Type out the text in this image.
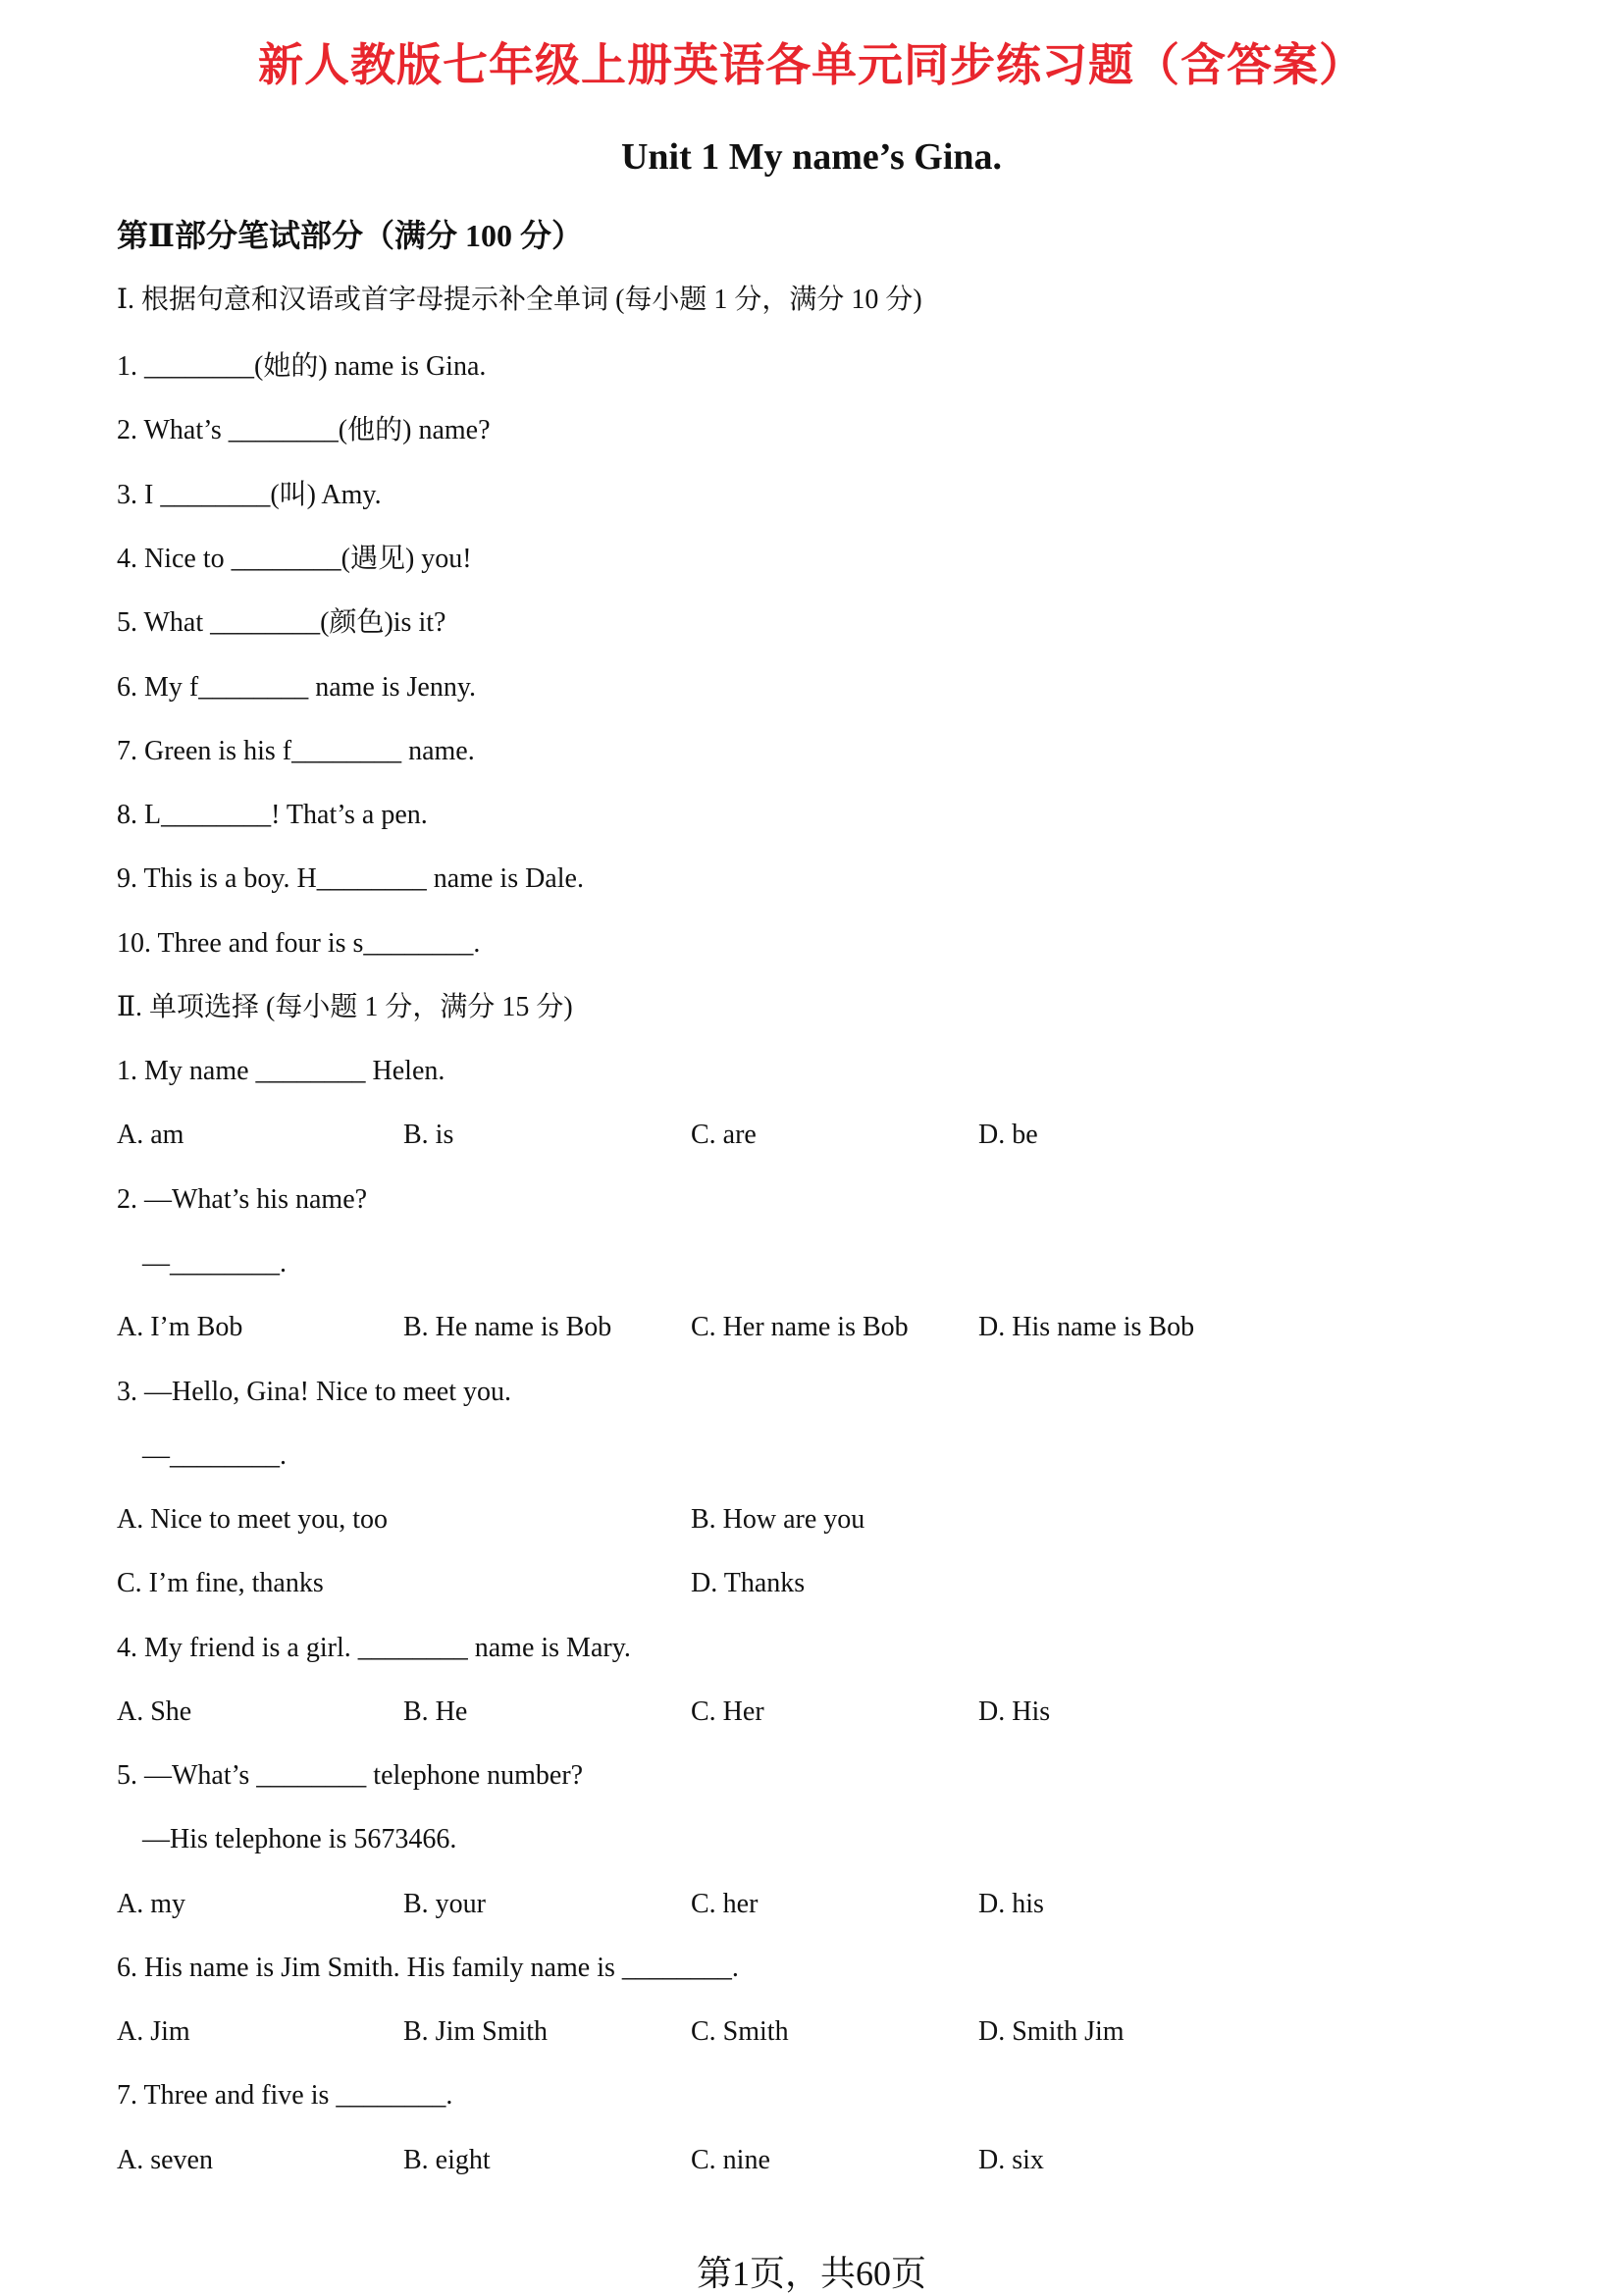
新人教版七年级上册英语各单元同步练习题（含答案）
Unit 1 My name’s Gina.
第Ⅱ部分笔试部分（满分 100 分）
Ⅰ. 根据句意和汉语或首字母提示补全单词 (每小题 1 分，满分 10 分)
1. ________(她的) name is Gina.
2. What’s ________(他的) name?
3. I ________(叫) Amy.
4. Nice to ________(遇见) you!
5. What ________(颜色)is it?
6. My f________ name is Jenny.
7. Green is his f________ name.
8. L________! That’s a pen.
9. This is a boy. H________ name is Dale.
10. Three and four is s________.
Ⅱ. 单项选择 (每小题 1 分，满分 15 分)
1. My name ________ Helen.
A. am	B. is	C. are	D. be
2. —What’s his name?
—________.
A. I’m Bob	B. He name is Bob	C. Her name is Bob	D. His name is Bob
3. —Hello, Gina! Nice to meet you.
—________.
A. Nice to meet you, too	B. How are you
C. I’m fine, thanks	D. Thanks
4. My friend is a girl. ________ name is Mary.
A. She	B. He	C. Her	D. His
5. —What’s ________ telephone number?
—His telephone is 5673466.
A. my	B. your	C. her	D. his
6. His name is Jim Smith. His family name is ________.
A. Jim	B. Jim Smith	C. Smith	D. Smith Jim
7. Three and five is ________.
A. seven	B. eight	C. nine	D. six
第1页，共60页
